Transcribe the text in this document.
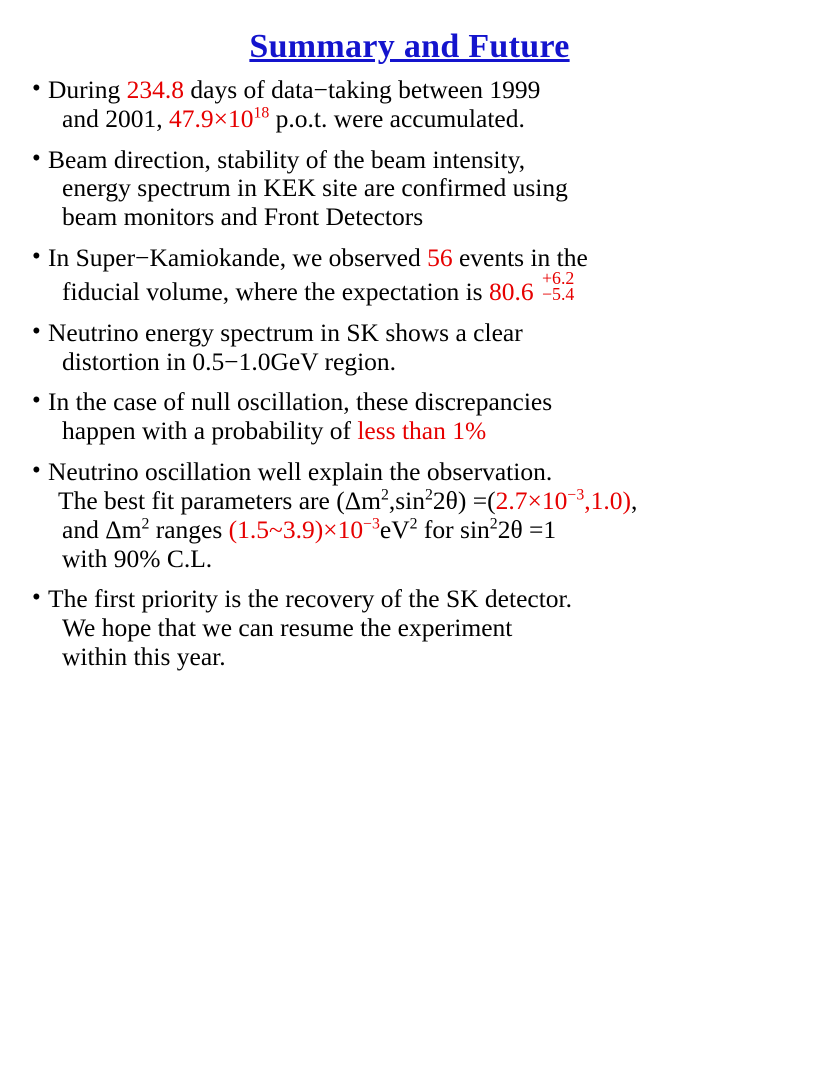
Summary and Future
• During 234.8 days of data−taking between 1999
and 2001, $47.9\times 10^{18}$ p.o.t. were accumulated.
• Beam direction, stability of the beam intensity,
energy spectrum in KEK site are confirmed using
beam monitors and Front Detectors
• In Super−Kamiokande, we observed 56 events in the
fiducial volume, where the expectation is 80.6 +6.2
−5.4
• Neutrino energy spectrum in SK shows a clear
distortion in 0.5−1.0GeV region.
• In the case of null oscillation, these discrepancies
happen with a probability of less than 1%
• Neutrino oscillation well explain the observation.
The best fit parameters are $(\Delta m^2,\sin^22\theta) =(2.7\times 10^{-3},1.0)$,
and $\Delta m^2$ ranges $(1.5\sim 3.9)\times 10^{-3}eV^2$ for $\sin^22\theta =1$
with 90% C.L.
• The first priority is the recovery of the SK detector.
We hope that we can resume the experiment
within this year.
